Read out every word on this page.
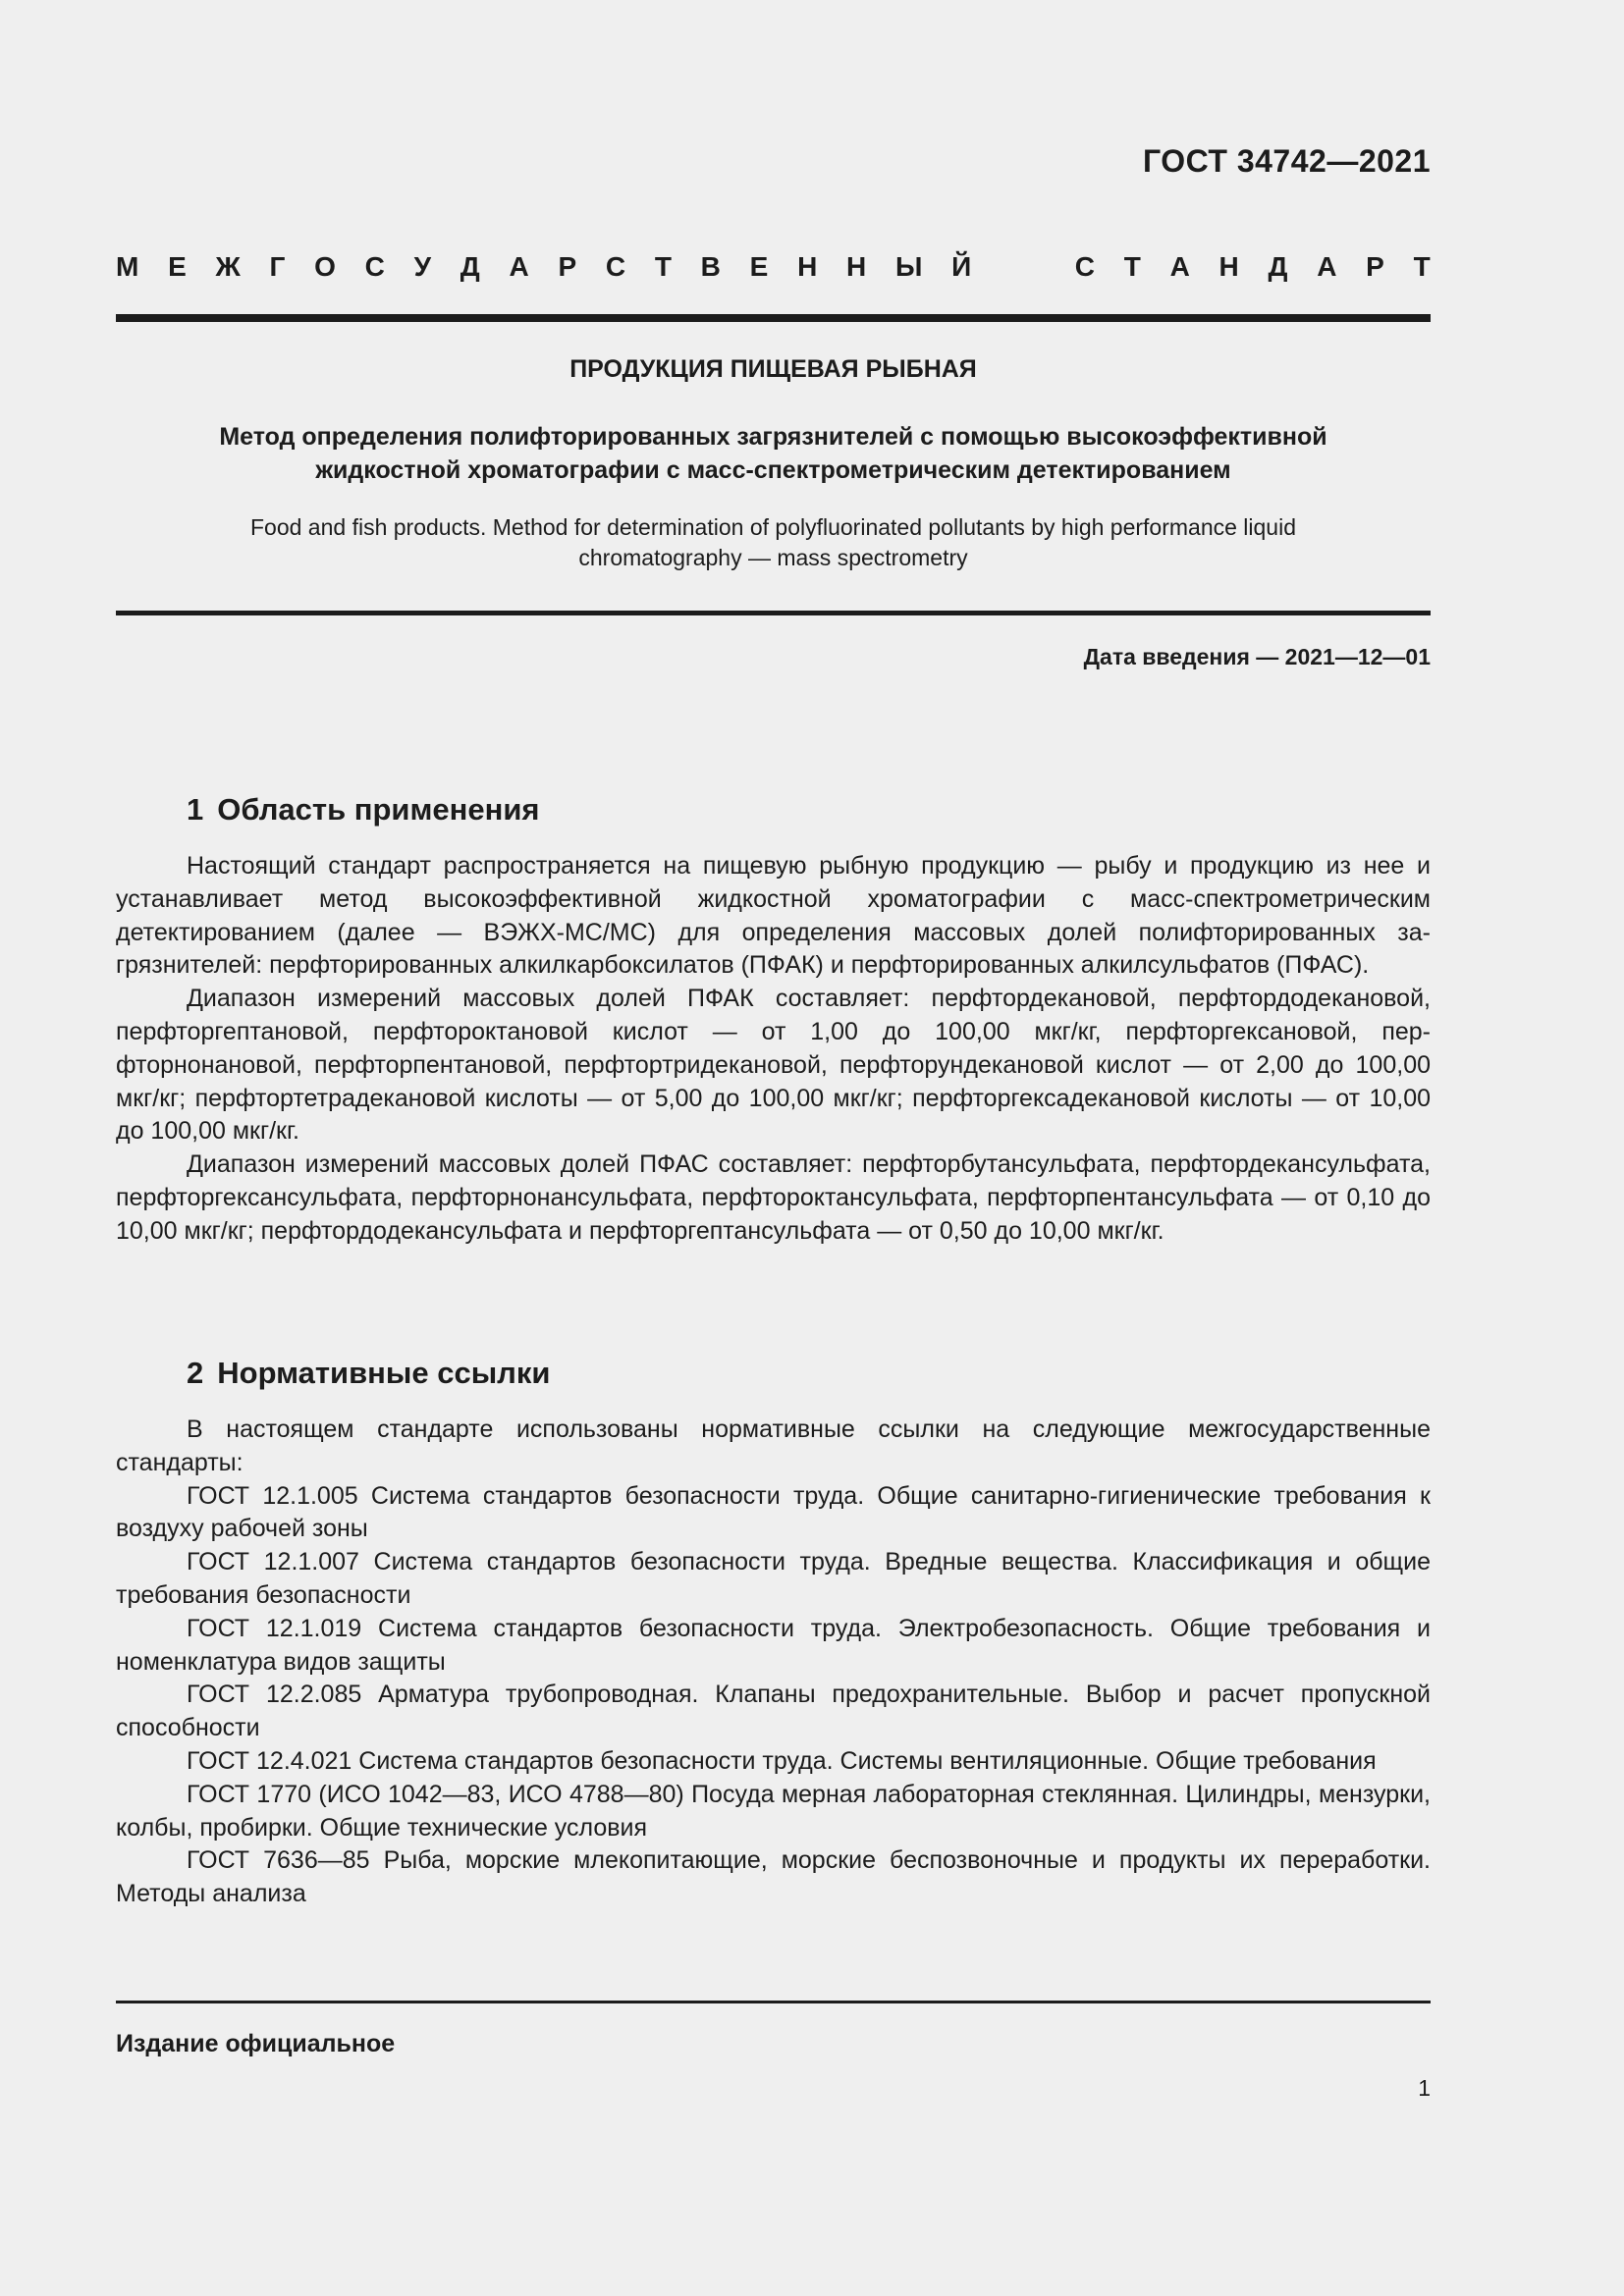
ГОСТ 34742—2021
М Е Ж Г О С У Д А Р С Т В Е Н Н Ы Й	С Т А Н Д А Р Т
ПРОДУКЦИЯ ПИЩЕВАЯ РЫБНАЯ
Метод определения полифторированных загрязнителей с помощью высокоэффективной
жидкостной хроматографии с масс-спектрометрическим детектированием
Food and fish products. Method for determination of polyfluorinated pollutants by high performance liquid
chromatography — mass spectrometry
Дата введения — 2021—12—01
1 Область применения

Настоящий стандарт распространяется на пищевую рыбную продукцию — рыбу и продукцию из нее и устанавливает метод высокоэффективной жидкостной хроматографии с масс-спектрометрическим детектированием (далее — ВЭЖХ-МС/МС) для определения массовых долей полифторированных загрязнителей: перфторированных алкилкарбоксилатов (ПФАК) и перфторированных алкилсульфатов (ПФАС).

Диапазон измерений массовых долей ПФАК составляет: перфтордекановой, перфтордодекановой, перфторгептановой, перфтороктановой кислот — от 1,00 до 100,00 мкг/кг, перфторгексановой, перфторнонановой, перфторпентановой, перфтортридекановой, перфторундекановой кислот — от 2,00 до 100,00 мкг/кг; перфтортетрадекановой кислоты — от 5,00 до 100,00 мкг/кг; перфторгексадекановой кислоты — от 10,00 до 100,00 мкг/кг.

Диапазон измерений массовых долей ПФАС составляет: перфторбутансульфата, перфтордекансульфата, перфторгексансульфата, перфторнонансульфата, перфтороктансульфата, перфторпентансульфата — от 0,10 до 10,00 мкг/кг; перфтордодекансульфата и перфторгептансульфата — от 0,50 до 10,00 мкг/кг.

2 Нормативные ссылки

В настоящем стандарте использованы нормативные ссылки на следующие межгосударственные стандарты:

ГОСТ 12.1.005 Система стандартов безопасности труда. Общие санитарно-гигиенические требования к воздуху рабочей зоны

ГОСТ 12.1.007 Система стандартов безопасности труда. Вредные вещества. Классификация и общие требования безопасности

ГОСТ 12.1.019 Система стандартов безопасности труда. Электробезопасность. Общие требования и номенклатура видов защиты

ГОСТ 12.2.085 Арматура трубопроводная. Клапаны предохранительные. Выбор и расчет пропускной способности

ГОСТ 12.4.021 Система стандартов безопасности труда. Системы вентиляционные. Общие требования

ГОСТ 1770 (ИСО 1042—83, ИСО 4788—80) Посуда мерная лабораторная стеклянная. Цилиндры, мензурки, колбы, пробирки. Общие технические условия

ГОСТ 7636—85 Рыба, морские млекопитающие, морские беспозвоночные и продукты их переработки. Методы анализа

Издание официальное
1
